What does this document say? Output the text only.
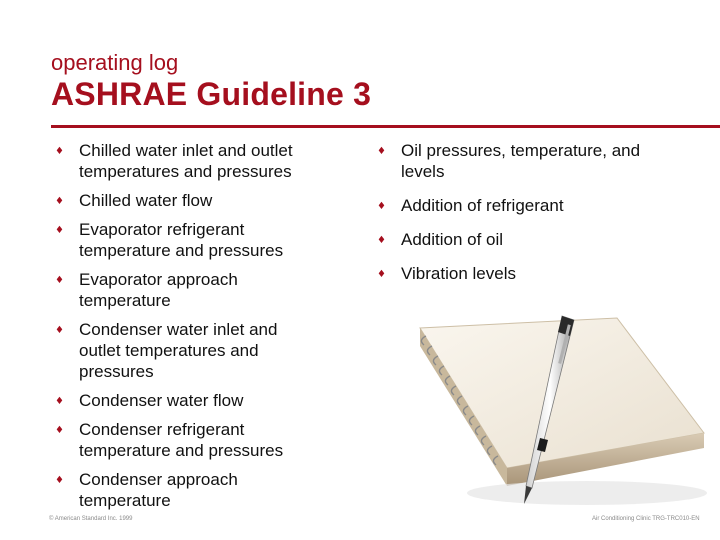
operating log
ASHRAE Guideline 3
♦ Chilled water inlet and outlet
temperatures and pressures
♦ Chilled water flow
♦ Evaporator refrigerant
temperature and pressures
♦ Evaporator approach
temperature
♦ Condenser water inlet and
outlet temperatures and
pressures
♦ Condenser water flow
♦ Condenser refrigerant
temperature and pressures
♦ Condenser approach
temperature
♦ Oil pressures, temperature, and
levels
♦ Addition of refrigerant
♦ Addition of oil
♦ Vibration levels
© American Standard Inc. 1999	Air Conditioning Clinic TRG-TRC010-EN
